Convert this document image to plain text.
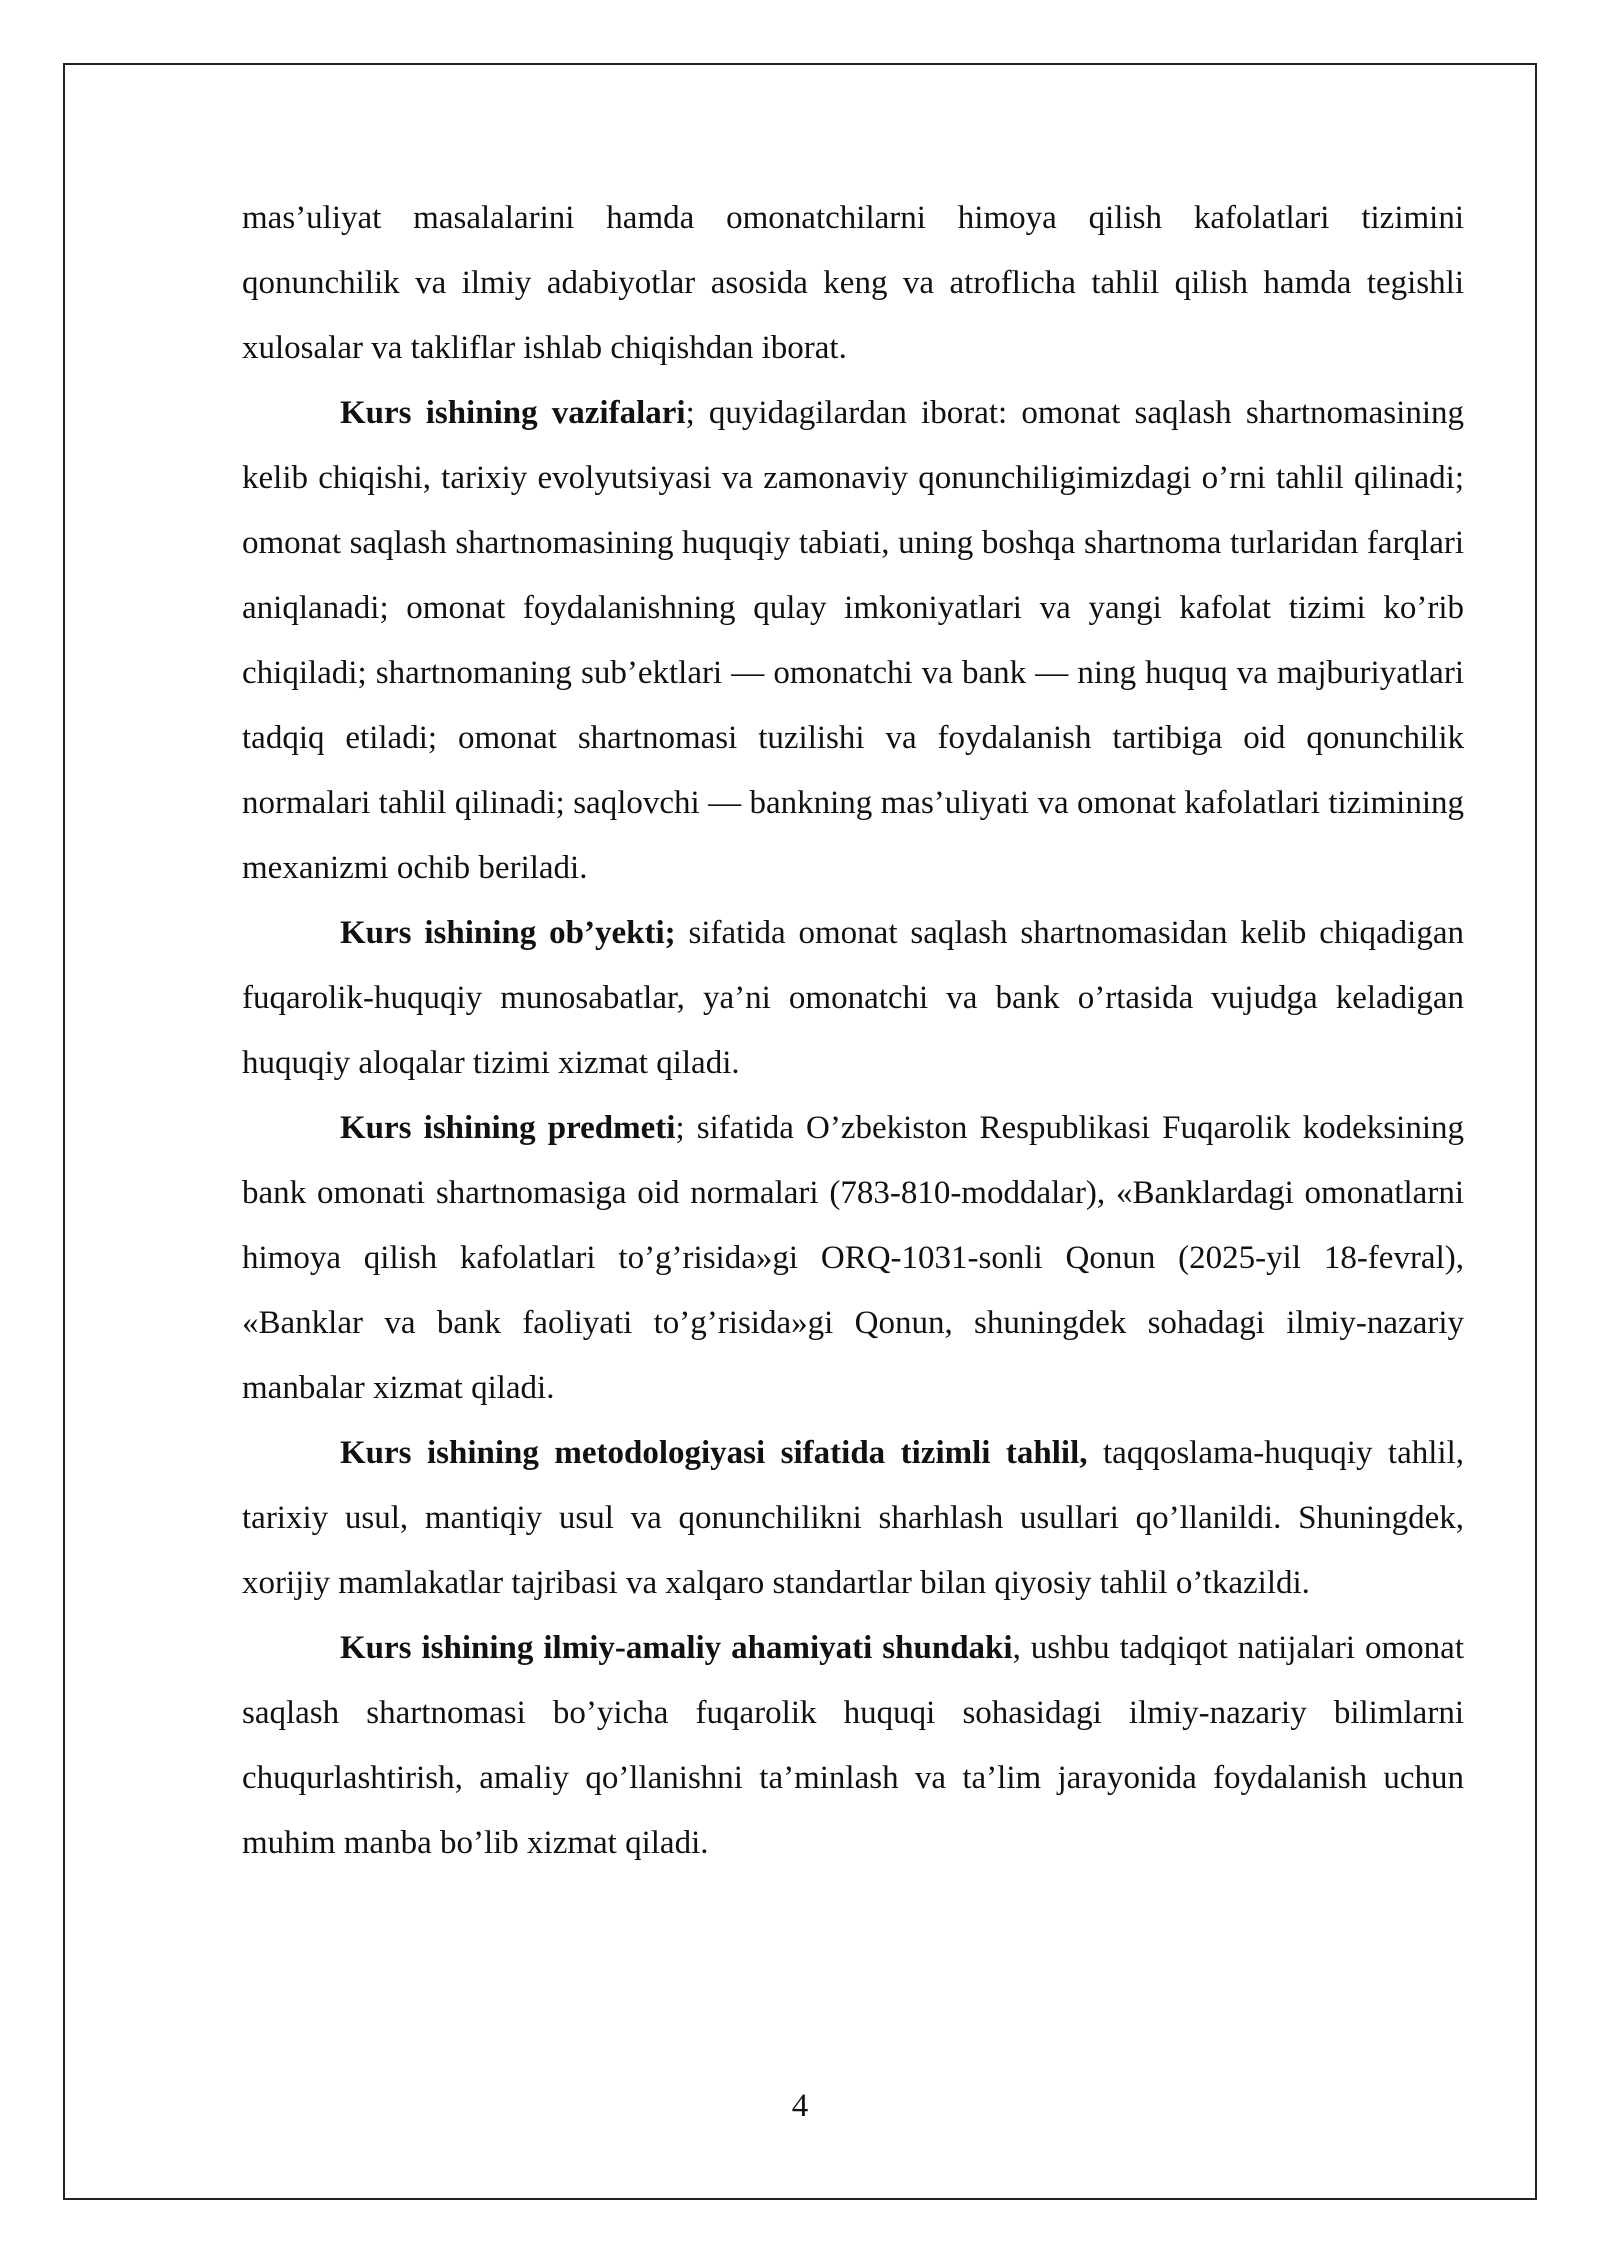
mas’uliyat masalalarini hamda omonatchilarni himoya qilish kafolatlari tizimini qonunchilik va ilmiy adabiyotlar asosida keng va atroflicha tahlil qilish hamda tegishli xulosalar va takliflar ishlab chiqishdan iborat.

Kurs ishining vazifalari; quyidagilardan iborat: omonat saqlash shartnomasining kelib chiqishi, tarixiy evolyutsiyasi va zamonaviy qonunchiligimizdagi o’rni tahlil qilinadi; omonat saqlash shartnomasining huquqiy tabiati, uning boshqa shartnoma turlaridan farqlari aniqlanadi; omonat foydalanishning qulay imkoniyatlari va yangi kafolat tizimi ko’rib chiqiladi; shartnomaning sub’ektlari — omonatchi va bank — ning huquq va majburiyatlari tadqiq etiladi; omonat shartnomasi tuzilishi va foydalanish tartibiga oid qonunchilik normalari tahlil qilinadi; saqlovchi — bankning mas’uliyati va omonat kafolatlari tizimining mexanizmi ochib beriladi.

Kurs ishining ob’yekti; sifatida omonat saqlash shartnomasidan kelib chiqadigan fuqarolik-huquqiy munosabatlar, ya’ni omonatchi va bank o’rtasida vujudga keladigan huquqiy aloqalar tizimi xizmat qiladi.

Kurs ishining predmeti; sifatida O’zbekiston Respublikasi Fuqarolik kodeksining bank omonati shartnomasiga oid normalari (783-810-moddalar), «Banklardagi omonatlarni himoya qilish kafolatlari to’g’risida»gi ORQ-1031-sonli Qonun (2025-yil 18-fevral), «Banklar va bank faoliyati to’g’risida»gi Qonun, shuningdek sohadagi ilmiy-nazariy manbalar xizmat qiladi.

Kurs ishining metodologiyasi sifatida tizimli tahlil, taqqoslama-huquqiy tahlil, tarixiy usul, mantiqiy usul va qonunchilikni sharhlash usullari qo’llanildi. Shuningdek, xorijiy mamlakatlar tajribasi va xalqaro standartlar bilan qiyosiy tahlil o’tkazildi.

Kurs ishining ilmiy-amaliy ahamiyati shundaki, ushbu tadqiqot natijalari omonat saqlash shartnomasi bo’yicha fuqarolik huquqi sohasidagi ilmiy-nazariy bilimlarni chuqurlashtirish, amaliy qo’llanishni ta’minlash va ta’lim jarayonida foydalanish uchun muhim manba bo’lib xizmat qiladi.

4
